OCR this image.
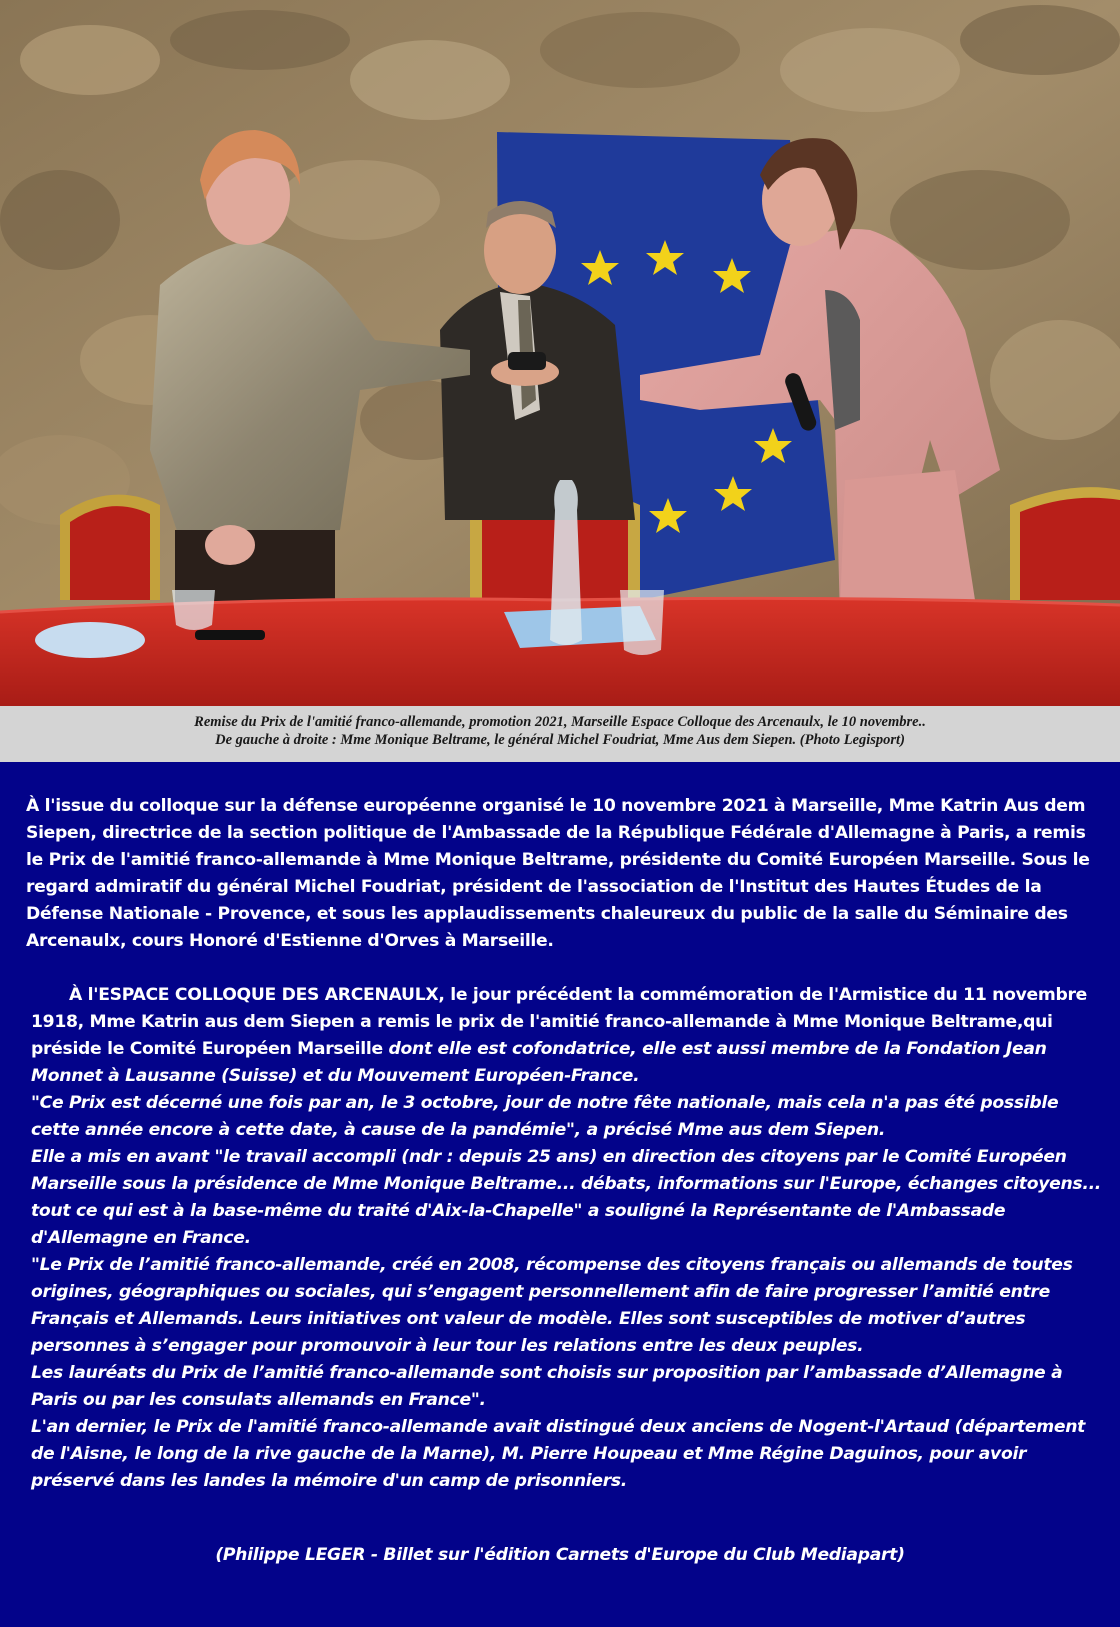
Remise du Prix de l'amitié franco-allemande, promotion 2021, Marseille Espace Colloque des Arcenaulx, le 10 novembre..
De gauche à droite : Mme Monique Beltrame, le général Michel Foudriat, Mme Aus dem Siepen. (Photo Legisport)

À l'issue du colloque sur la défense européenne organisé le 10 novembre 2021 à Marseille, Mme Katrin Aus dem Siepen, directrice de la section politique de l'Ambassade de la République Fédérale d'Allemagne à Paris, a remis le Prix de l'amitié franco-allemande à Mme Monique Beltrame, présidente du Comité Européen Marseille. Sous le regard admiratif du général Michel Foudriat, président de l'association de l'Institut des Hautes Études de la Défense Nationale - Provence, et sous les applaudissements chaleureux du public de la salle du Séminaire des Arcenaulx, cours Honoré d'Estienne d'Orves à Marseille.

À l'ESPACE COLLOQUE DES ARCENAULX, le jour précédent la commémoration de l'Armistice du 11 novembre 1918, Mme Katrin aus dem Siepen a remis le prix de l'amitié franco-allemande à Mme Monique Beltrame,qui préside le Comité Européen Marseille dont elle est cofondatrice, elle est aussi membre de la Fondation Jean Monnet à Lausanne (Suisse) et du Mouvement Européen-France.
"Ce Prix est décerné une fois par an, le 3 octobre, jour de notre fête nationale, mais cela n'a pas été possible cette année encore à cette date, à cause de la pandémie", a précisé Mme aus dem Siepen.
Elle a mis en avant "le travail accompli (ndr : depuis 25 ans) en direction des citoyens par le Comité Européen Marseille sous la présidence de Mme Monique Beltrame... débats, informations sur l'Europe, échanges citoyens... tout ce qui est à la base-même du traité d'Aix-la-Chapelle" a souligné la Représentante de l'Ambassade d'Allemagne en France.
"Le Prix de l’amitié franco-allemande, créé en 2008, récompense des citoyens français ou allemands de toutes origines, géographiques ou sociales, qui s’engagent personnellement afin de faire progresser l’amitié entre Français et Allemands. Leurs initiatives ont valeur de modèle. Elles sont susceptibles de motiver d’autres personnes à s’engager pour promouvoir à leur tour les relations entre les deux peuples.
Les lauréats du Prix de l’amitié franco-allemande sont choisis sur proposition par l’ambassade d’Allemagne à Paris ou par les consulats allemands en France".
L'an dernier, le Prix de l'amitié franco-allemande avait distingué deux anciens de Nogent-l'Artaud (département de l'Aisne, le long de la rive gauche de la Marne), M. Pierre Houpeau et Mme Régine Daguinos, pour avoir préservé dans les landes la mémoire d'un camp de prisonniers.

(Philippe LEGER - Billet sur l'édition Carnets d'Europe du Club Mediapart)
